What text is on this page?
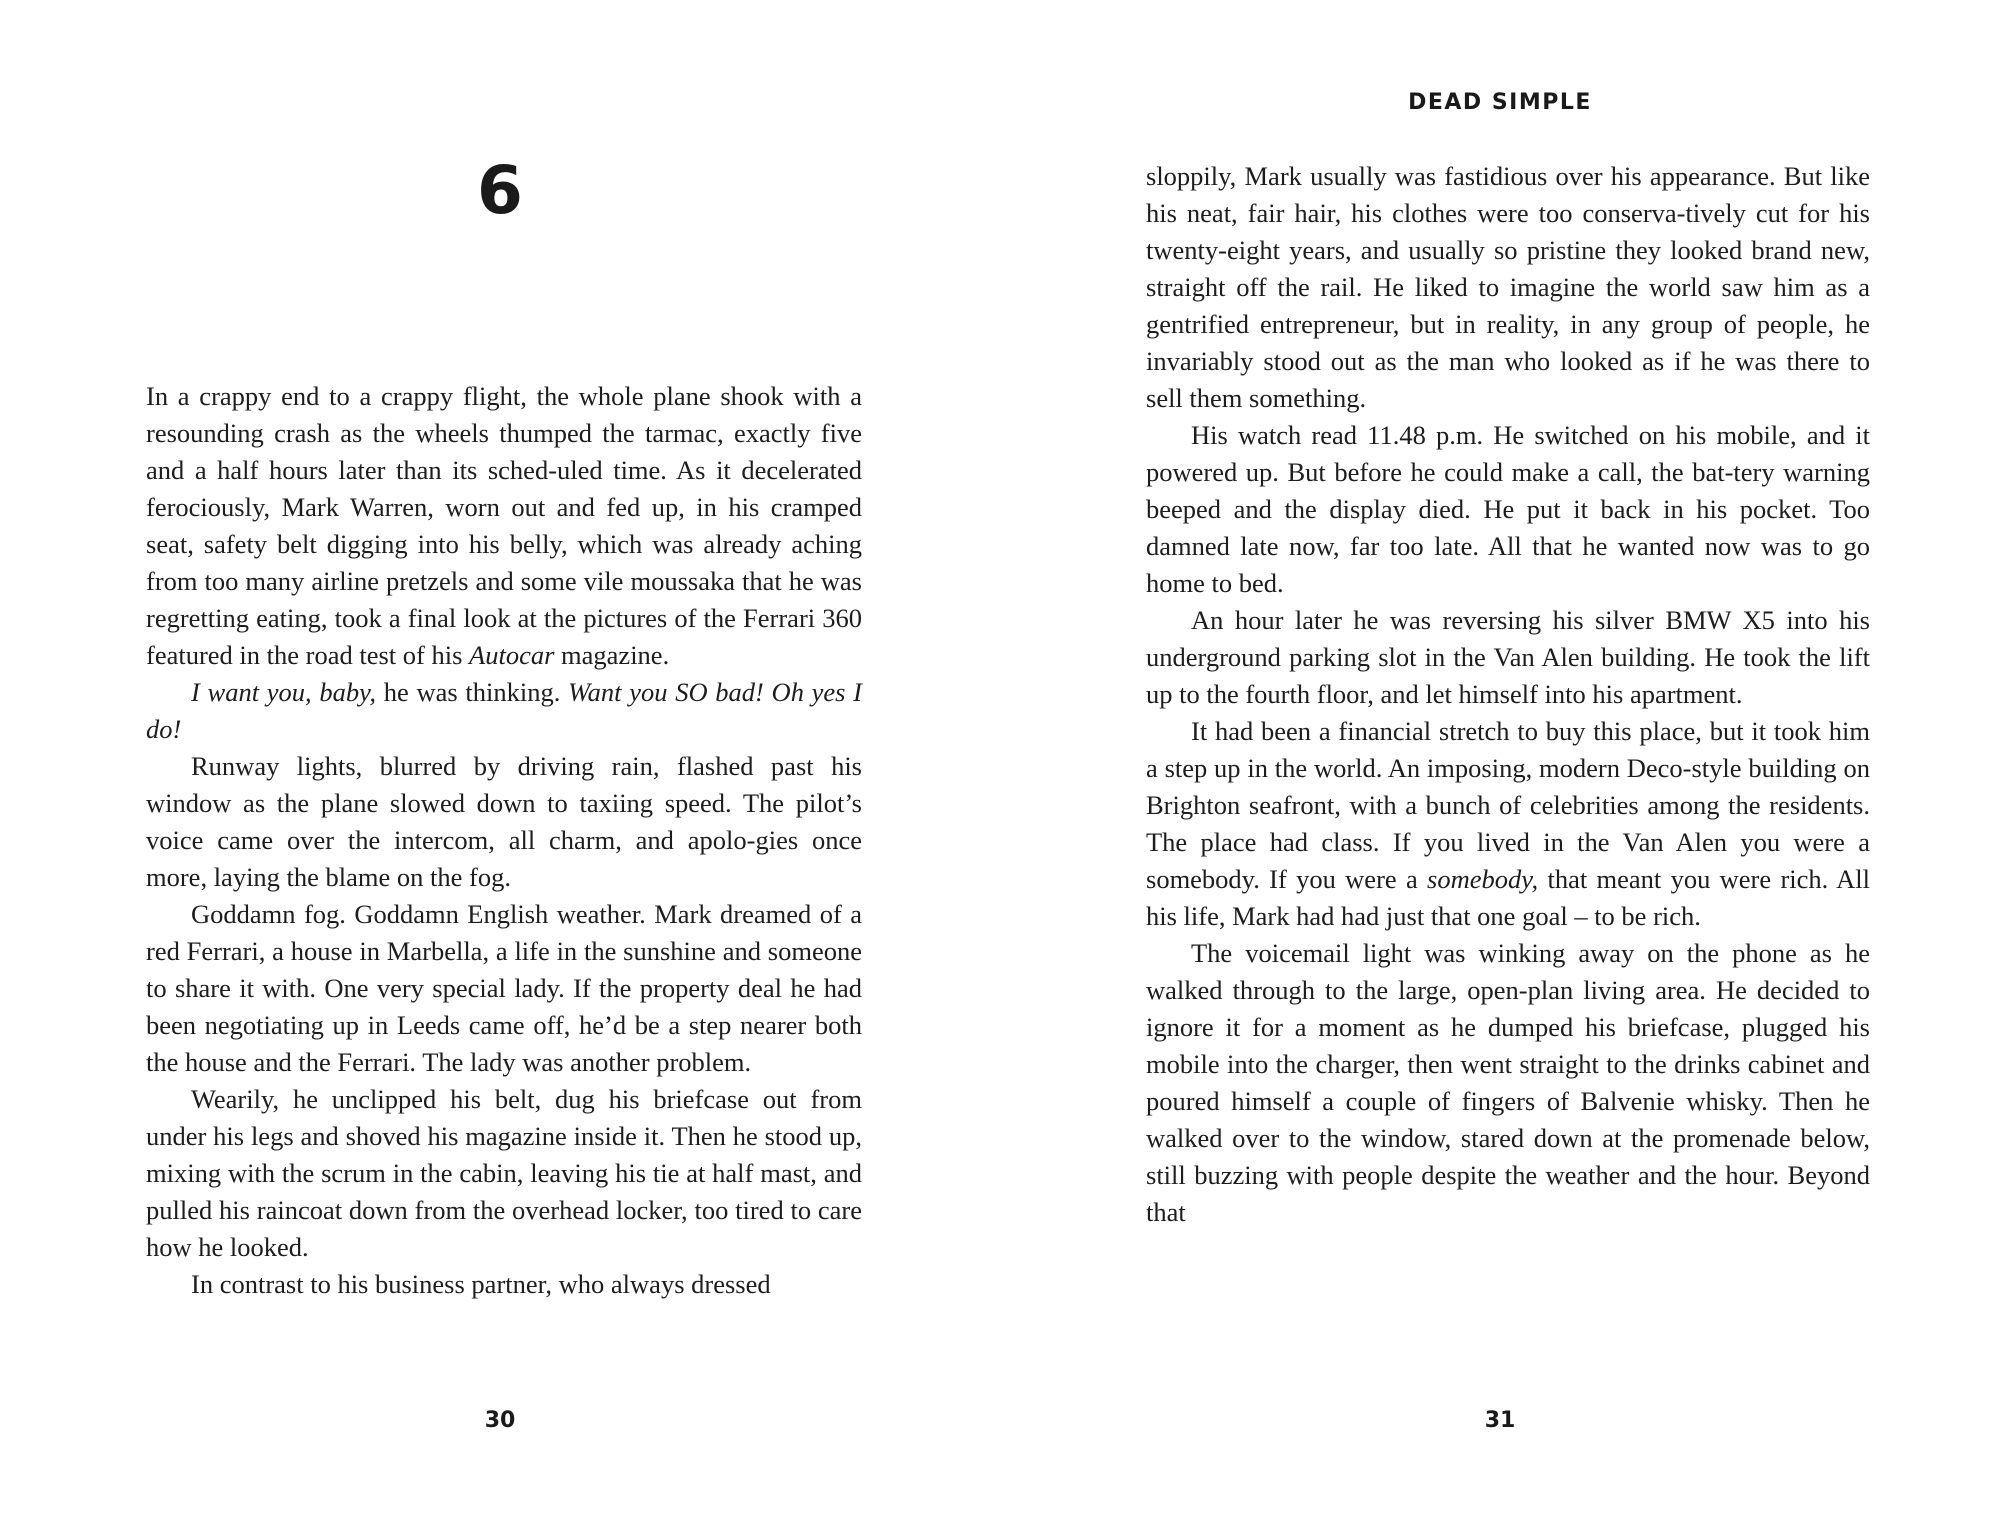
DEAD SIMPLE
6

In a crappy end to a crappy flight, the whole plane shook with a resounding crash as the wheels thumped the tarmac, exactly five and a half hours later than its sched-uled time. As it decelerated ferociously, Mark Warren, worn out and fed up, in his cramped seat, safety belt digging into his belly, which was already aching from too many airline pretzels and some vile moussaka that he was regretting eating, took a final look at the pictures of the Ferrari 360 featured in the road test of his Autocar magazine.

I want you, baby, he was thinking. Want you SO bad! Oh yes I do!

Runway lights, blurred by driving rain, flashed past his window as the plane slowed down to taxiing speed. The pilot’s voice came over the intercom, all charm, and apolo-gies once more, laying the blame on the fog.

Goddamn fog. Goddamn English weather. Mark dreamed of a red Ferrari, a house in Marbella, a life in the sunshine and someone to share it with. One very special lady. If the property deal he had been negotiating up in Leeds came off, he’d be a step nearer both the house and the Ferrari. The lady was another problem.

Wearily, he unclipped his belt, dug his briefcase out from under his legs and shoved his magazine inside it. Then he stood up, mixing with the scrum in the cabin, leaving his tie at half mast, and pulled his raincoat down from the overhead locker, too tired to care how he looked.

In contrast to his business partner, who always dressed

sloppily, Mark usually was fastidious over his appearance. But like his neat, fair hair, his clothes were too conserva-tively cut for his twenty-eight years, and usually so pristine they looked brand new, straight off the rail. He liked to imagine the world saw him as a gentrified entrepreneur, but in reality, in any group of people, he invariably stood out as the man who looked as if he was there to sell them something.

His watch read 11.48 p.m. He switched on his mobile, and it powered up. But before he could make a call, the bat-tery warning beeped and the display died. He put it back in his pocket. Too damned late now, far too late. All that he wanted now was to go home to bed.

An hour later he was reversing his silver BMW X5 into his underground parking slot in the Van Alen building. He took the lift up to the fourth floor, and let himself into his apartment.

It had been a financial stretch to buy this place, but it took him a step up in the world. An imposing, modern Deco-style building on Brighton seafront, with a bunch of celebrities among the residents. The place had class. If you lived in the Van Alen you were a somebody. If you were a somebody, that meant you were rich. All his life, Mark had had just that one goal – to be rich.

The voicemail light was winking away on the phone as he walked through to the large, open-plan living area. He decided to ignore it for a moment as he dumped his briefcase, plugged his mobile into the charger, then went straight to the drinks cabinet and poured himself a couple of fingers of Balvenie whisky. Then he walked over to the window, stared down at the promenade below, still buzzing with people despite the weather and the hour. Beyond that

30	31
